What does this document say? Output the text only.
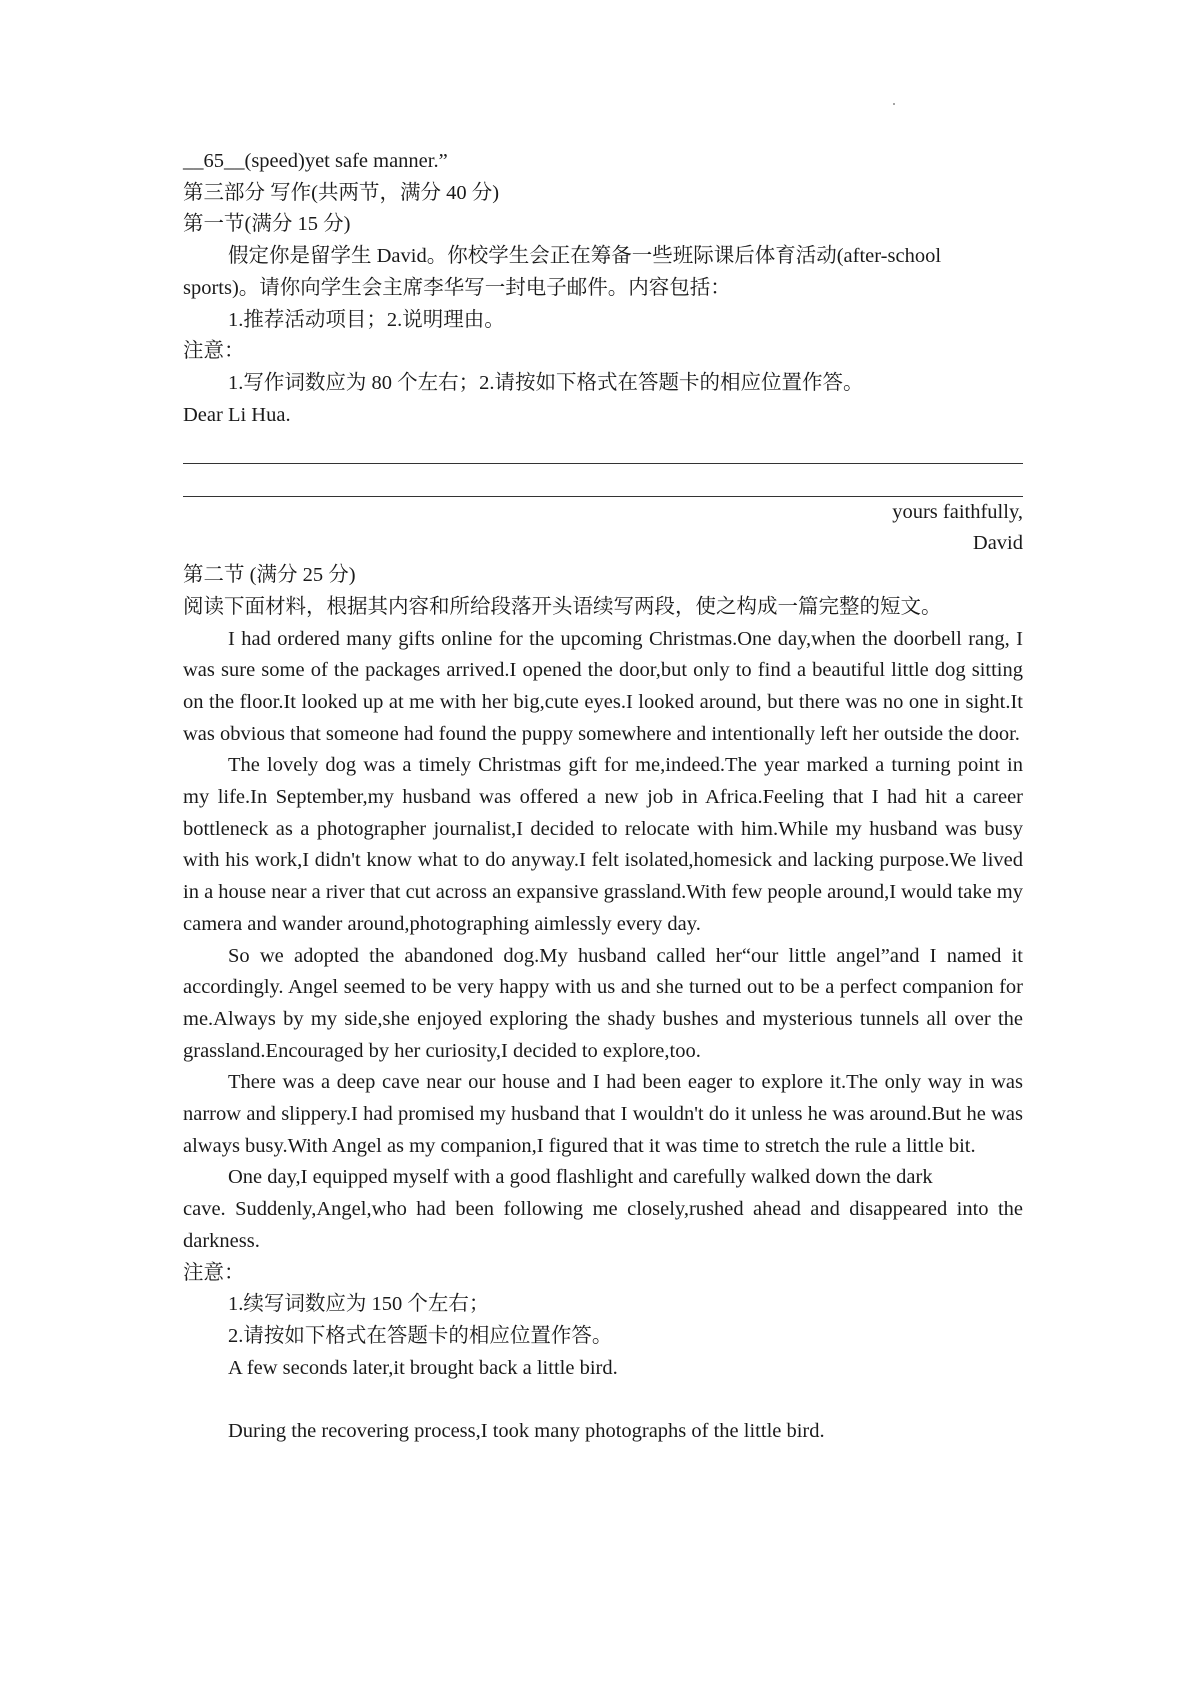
__65__(speed)yet safe manner.”
第三部分 写作(共两节，满分 40 分)
第一节(满分 15 分)
假定你是留学生 David。你校学生会正在筹备一些班际课后体育活动(after-school
sports)。请你向学生会主席李华写一封电子邮件。内容包括：
1.推荐活动项目；2.说明理由。
注意：
1.写作词数应为 80 个左右；2.请按如下格式在答题卡的相应位置作答。
Dear Li Hua.
yours faithfully,
David
第二节 (满分 25 分)
阅读下面材料，根据其内容和所给段落开头语续写两段，使之构成一篇完整的短文。

I had ordered many gifts online for the upcoming Christmas.One day,when the doorbell rang, I was sure some of the packages arrived.I opened the door,but only to find a beautiful little dog sitting on the floor.It looked up at me with her big,cute eyes.I looked around, but there was no one in sight.It was obvious that someone had found the puppy somewhere and intentionally left her outside the door.

The lovely dog was a timely Christmas gift for me,indeed.The year marked a turning point in my life.In September,my husband was offered a new job in Africa.Feeling that I had hit a career bottleneck as a photographer journalist,I decided to relocate with him.While my husband was busy with his work,I didn't know what to do anyway.I felt isolated,homesick and lacking purpose.We lived in a house near a river that cut across an expansive grassland.With few people around,I would take my camera and wander around,photographing aimlessly every day.

So we adopted the abandoned dog.My husband called her“our little angel”and I named it accordingly. Angel seemed to be very happy with us and she turned out to be a perfect companion for me.Always by my side,she enjoyed exploring the shady bushes and mysterious tunnels all over the grassland.Encouraged by her curiosity,I decided to explore,too.

There was a deep cave near our house and I had been eager to explore it.The only way in was narrow and slippery.I had promised my husband that I wouldn't do it unless he was around.But he was always busy.With Angel as my companion,I figured that it was time to stretch the rule a little bit.

One day,I equipped myself with a good flashlight and carefully walked down the dark

cave. Suddenly,Angel,who had been following me closely,rushed ahead and disappeared into the darkness.

注意：
1.续写词数应为 150 个左右；
2.请按如下格式在答题卡的相应位置作答。
A few seconds later,it brought back a little bird.
During the recovering process,I took many photographs of the little bird.
